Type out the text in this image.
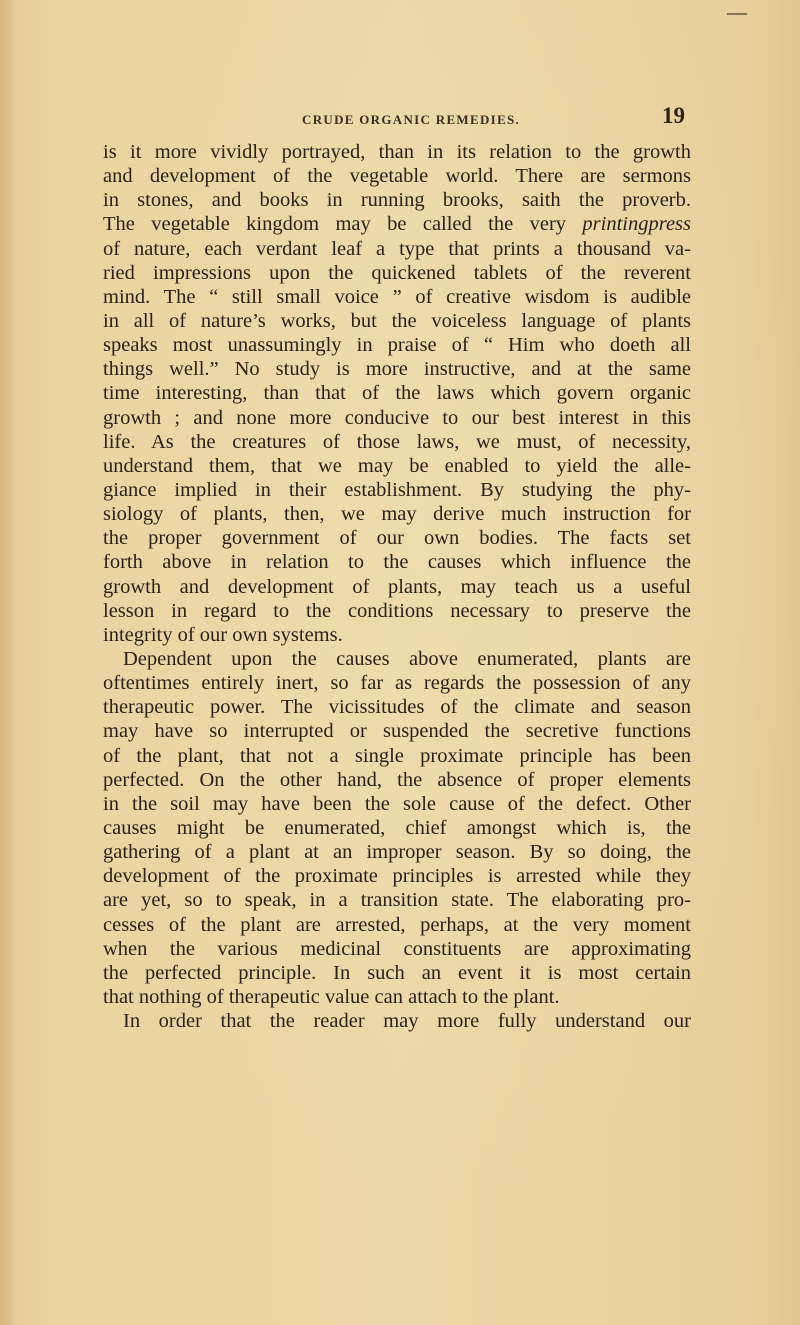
CRUDE ORGANIC REMEDIES.	19
is it more vividly portrayed, than in its relation to the growth
and development of the vegetable world. There are sermons
in stones, and books in running brooks, saith the proverb.
The vegetable kingdom may be called the very printingpress
of nature, each verdant leaf a type that prints a thousand va-
ried impressions upon the quickened tablets of the reverent
mind. The “ still small voice ” of creative wisdom is audible
in all of nature’s works, but the voiceless language of plants
speaks most unassumingly in praise of “ Him who doeth all
things well.” No study is more instructive, and at the same
time interesting, than that of the laws which govern organic
growth ; and none more conducive to our best interest in this
life. As the creatures of those laws, we must, of necessity,
understand them, that we may be enabled to yield the alle-
giance implied in their establishment. By studying the phy-
siology of plants, then, we may derive much instruction for
the proper government of our own bodies. The facts set
forth above in relation to the causes which influence the
growth and development of plants, may teach us a useful
lesson in regard to the conditions necessary to preserve the
integrity of our own systems.
Dependent upon the causes above enumerated, plants are
oftentimes entirely inert, so far as regards the possession of any
therapeutic power. The vicissitudes of the climate and season
may have so interrupted or suspended the secretive functions
of the plant, that not a single proximate principle has been
perfected. On the other hand, the absence of proper elements
in the soil may have been the sole cause of the defect. Other
causes might be enumerated, chief amongst which is, the
gathering of a plant at an improper season. By so doing, the
development of the proximate principles is arrested while they
are yet, so to speak, in a transition state. The elaborating pro-
cesses of the plant are arrested, perhaps, at the very moment
when the various medicinal constituents are approximating
the perfected principle. In such an event it is most certain
that nothing of therapeutic value can attach to the plant.
In order that the reader may more fully understand our
